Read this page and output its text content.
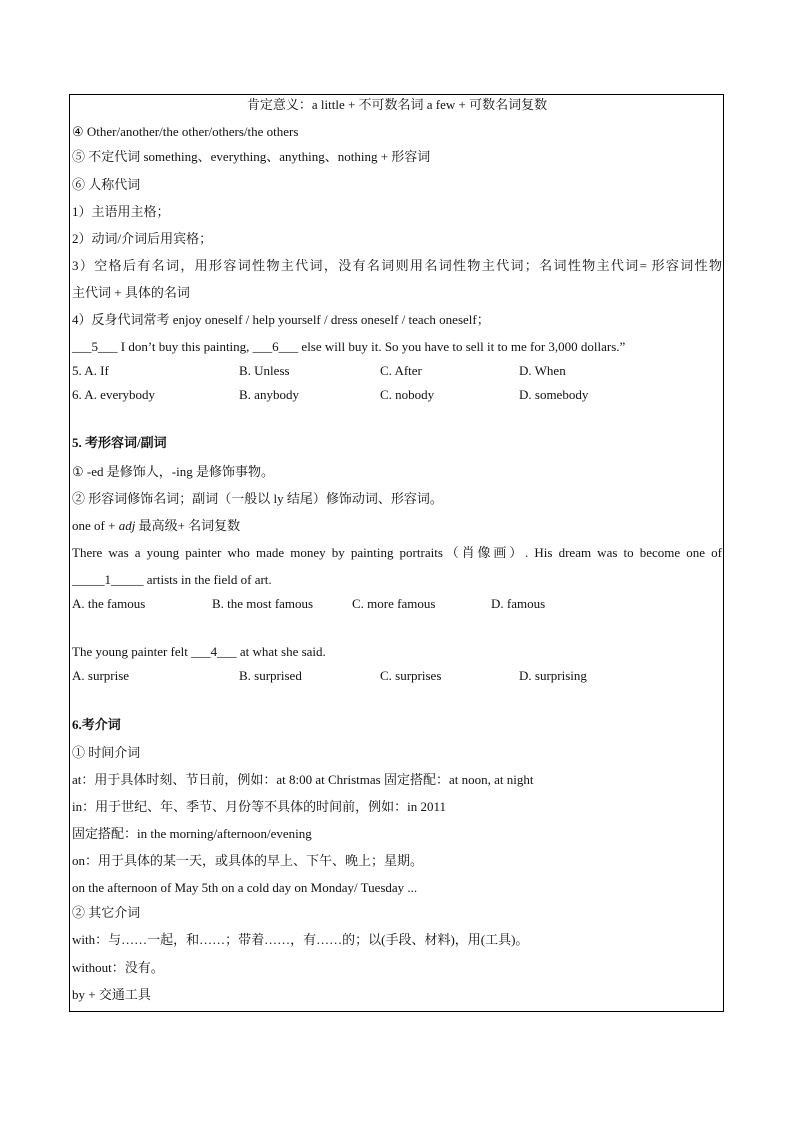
肯定意义：a little + 不可数名词 a few + 可数名词复数
④ Other/another/the other/others/the others
⑤ 不定代词 something、everything、anything、nothing + 形容词
⑥ 人称代词
1）主语用主格；
2）动词/介词后用宾格；
3）空格后有名词，用形容词性物主代词，没有名词则用名词性物主代词；名词性物主代词= 形容词性物
主代词 + 具体的名词
4）反身代词常考 enjoy oneself / help yourself / dress oneself / teach oneself；
___5___ I don’t buy this painting, ___6___ else will buy it. So you have to sell it to me for 3,000 dollars.”
5. A. If	B. Unless	C. After	D. When
6. A. everybody	B. anybody	C. nobody	D. somebody
5. 考形容词/副词
① -ed 是修饰人，-ing 是修饰事物。
② 形容词修饰名词；副词（一般以 ly 结尾）修饰动词、形容词。
one of + adj 最高级+ 名词复数
There was a young painter who made money by painting portraits（肖像画）. His dream was to become one of
_____1_____ artists in the field of art.
A. the famous	B. the most famous	C. more famous	D. famous
The young painter felt ___4___ at what she said.
A. surprise	B. surprised	C. surprises	D. surprising
6.考介词
① 时间介词
at：用于具体时刻、节日前，例如：at 8:00 at Christmas 固定搭配：at noon, at night
in：用于世纪、年、季节、月份等不具体的时间前，例如：in 2011
固定搭配：in the morning/afternoon/evening
on：用于具体的某一天，或具体的早上、下午、晚上；星期。
on the afternoon of May 5th on a cold day on Monday/ Tuesday ...
② 其它介词
with：与……一起，和……；带着……，有……的；以(手段、材料)，用(工具)。
without：没有。
by + 交通工具
